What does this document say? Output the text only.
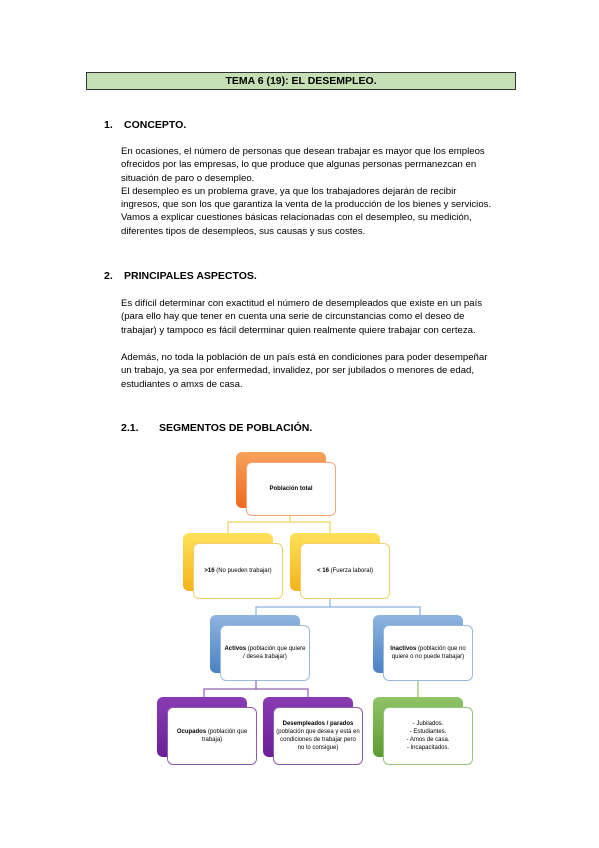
TEMA 6 (19): EL DESEMPLEO.
1. CONCEPTO.

En ocasiones, el número de personas que desean trabajar es mayor que los empleos
ofrecidos por las empresas, lo que produce que algunas personas permanezcan en
situación de paro o desempleo.
El desempleo es un problema grave, ya que los trabajadores dejarán de recibir
ingresos, que son los que garantiza la venta de la producción de los bienes y servicios.
Vamos a explicar cuestiones básicas relacionadas con el desempleo, su medición,
diferentes tipos de desempleos, sus causas y sus costes.

2. PRINCIPALES ASPECTOS.

Es difícil determinar con exactitud el número de desempleados que existe en un país
(para ello hay que tener en cuenta una serie de circunstancias como el deseo de
trabajar) y tampoco es fácil determinar quien realmente quiere trabajar con certeza.

Además, no toda la población de un país está en condiciones para poder desempeñar
un trabajo, ya sea por enfermedad, invalidez, por ser jubilados o menores de edad,
estudiantes o amxs de casa.

2.1. SEGMENTOS DE POBLACIÓN.
Población total
>16 (No pueden trabajar)	< 16 (Fuerza laboral)
Activos (población que quiere / desea trabajar)
Inactivos (población que no quiere o no puede trabajar)
Ocupados (población que trabaja)
Desempleados / parados (población que desea y está en condiciones de trabajar pero no lo consigue)
- Jubilados.
- Estudiantes.
- Amos de casa.
- Incapacitados.
